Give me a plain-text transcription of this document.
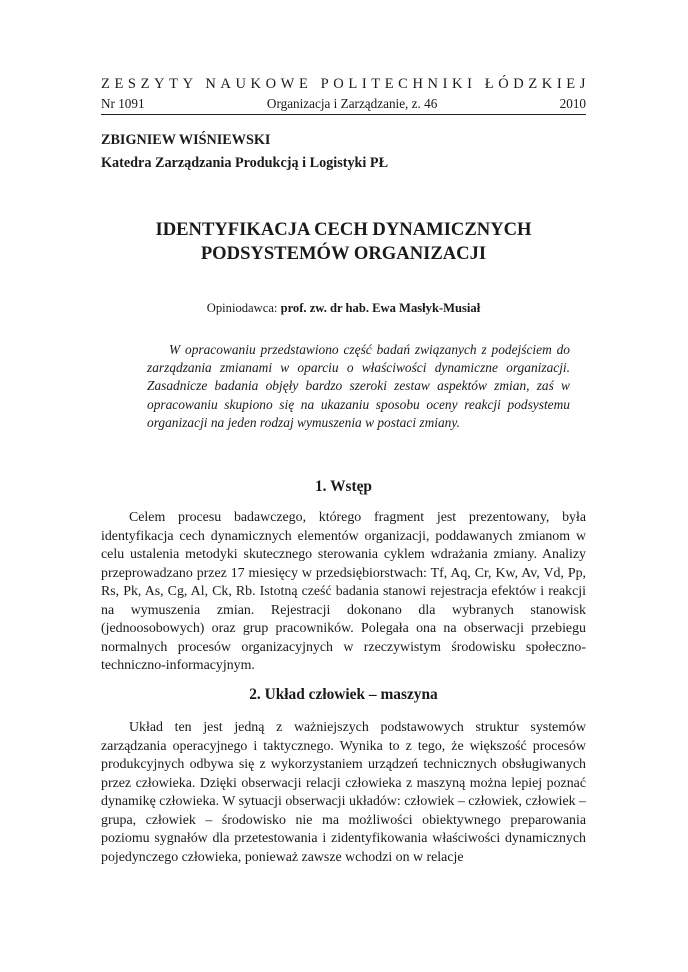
ZESZYTY NAUKOWE POLITECHNIKI ŁÓDZKIEJ
Nr 1091	Organizacja i Zarządzanie, z. 46	2010
ZBIGNIEW WIŚNIEWSKI
Katedra Zarządzania Produkcją i Logistyki PŁ
IDENTYFIKACJA CECH DYNAMICZNYCH
PODSYSTEMÓW ORGANIZACJI
Opiniodawca: prof. zw. dr hab. Ewa Masłyk-Musiał
W opracowaniu przedstawiono część badań związanych z podejściem do zarządzania zmianami w oparciu o właściwości dynamiczne organizacji. Zasadnicze badania objęły bardzo szeroki zestaw aspektów zmian, zaś w opracowaniu skupiono się na ukazaniu sposobu oceny reakcji podsystemu organizacji na jeden rodzaj wymuszenia w postaci zmiany.
1. Wstęp
Celem procesu badawczego, którego fragment jest prezentowany, była identyfikacja cech dynamicznych elementów organizacji, poddawanych zmianom w celu ustalenia metodyki skutecznego sterowania cyklem wdrażania zmiany. Analizy przeprowadzano przez 17 miesięcy w przedsiębiorstwach: Tf, Aq, Cr, Kw, Av, Vd, Pp, Rs, Pk, As, Cg, Al, Ck, Rb. Istotną cześć badania stanowi rejestracja efektów i reakcji na wymuszenia zmian. Rejestracji dokonano dla wybranych stanowisk (jednoosobowych) oraz grup pracowników. Polegała ona na obserwacji przebiegu normalnych procesów organizacyjnych w rzeczywistym środowisku społeczno-techniczno-informacyjnym.
2. Układ człowiek – maszyna
Układ ten jest jedną z ważniejszych podstawowych struktur systemów zarządzania operacyjnego i taktycznego. Wynika to z tego, że większość procesów produkcyjnych odbywa się z wykorzystaniem urządzeń technicznych obsługiwanych przez człowieka. Dzięki obserwacji relacji człowieka z maszyną można lepiej poznać dynamikę człowieka. W sytuacji obserwacji układów: człowiek – człowiek, człowiek – grupa, człowiek – środowisko nie ma możliwości obiektywnego preparowania poziomu sygnałów dla przetestowania i zidentyfikowania właściwości dynamicznych pojedynczego człowieka, ponieważ zawsze wchodzi on w relacje
